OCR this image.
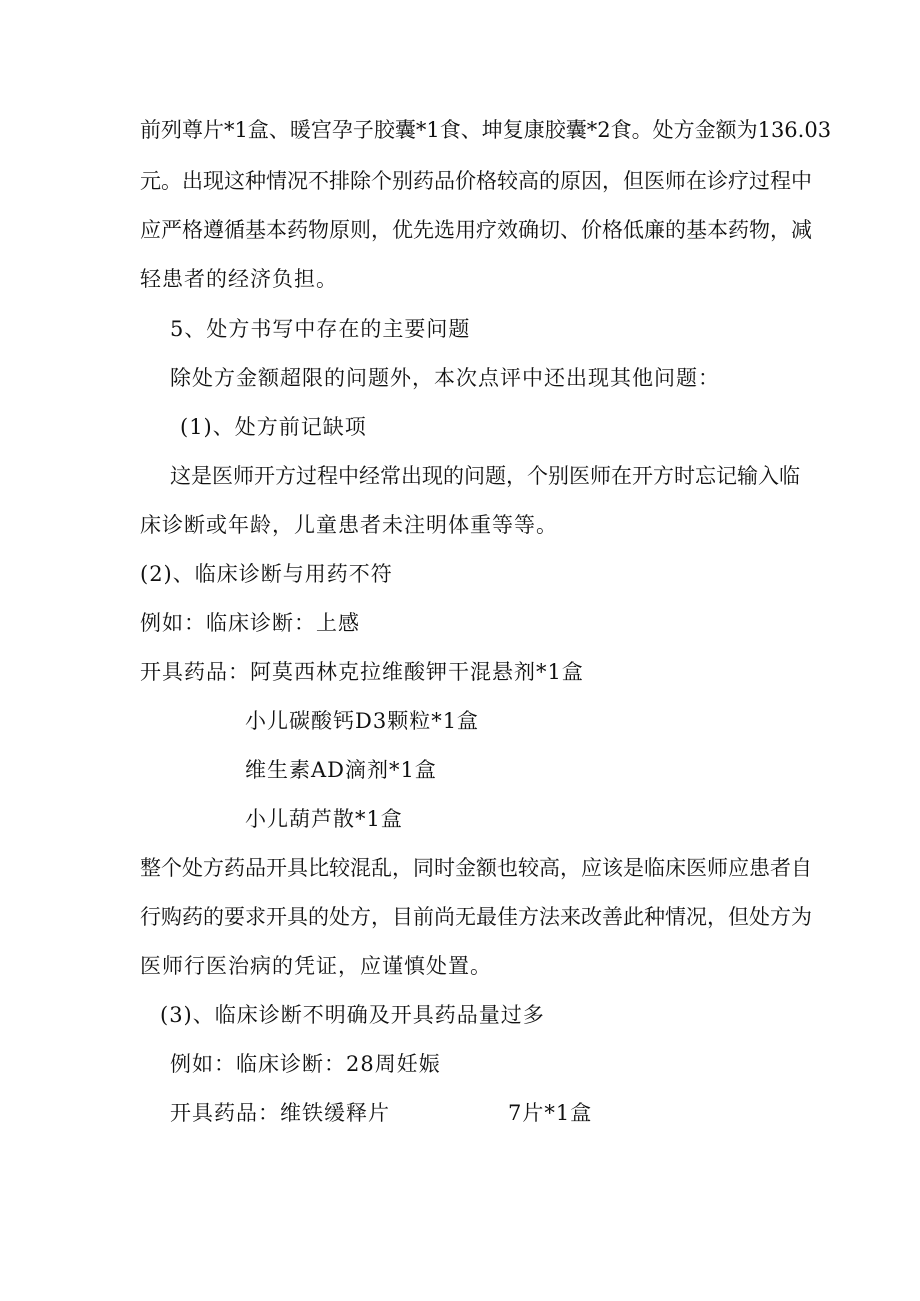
前列尊片*1盒、暖宫孕子胶囊*1食、坤复康胶囊*2食。处方金额为136.03
元。出现这种情况不排除个别药品价格较高的原因，但医师在诊疗过程中
应严格遵循基本药物原则，优先选用疗效确切、价格低廉的基本药物，减
轻患者的经济负担。
5、处方书写中存在的主要问题
除处方金额超限的问题外，本次点评中还出现其他问题：
(1)、处方前记缺项
这是医师开方过程中经常出现的问题，个别医师在开方时忘记输入临
床诊断或年龄，儿童患者未注明体重等等。
(2)、临床诊断与用药不符
例如：临床诊断：上感
开具药品：阿莫西林克拉维酸钾干混悬剂*1盒
小儿碳酸钙D3颗粒*1盒
维生素AD滴剂*1盒
小儿葫芦散*1盒
整个处方药品开具比较混乱，同时金额也较高，应该是临床医师应患者自
行购药的要求开具的处方，目前尚无最佳方法来改善此种情况，但处方为
医师行医治病的凭证，应谨慎处置。
(3)、临床诊断不明确及开具药品量过多
例如：临床诊断：28周妊娠
开具药品：维铁缓释片	7片*1盒
